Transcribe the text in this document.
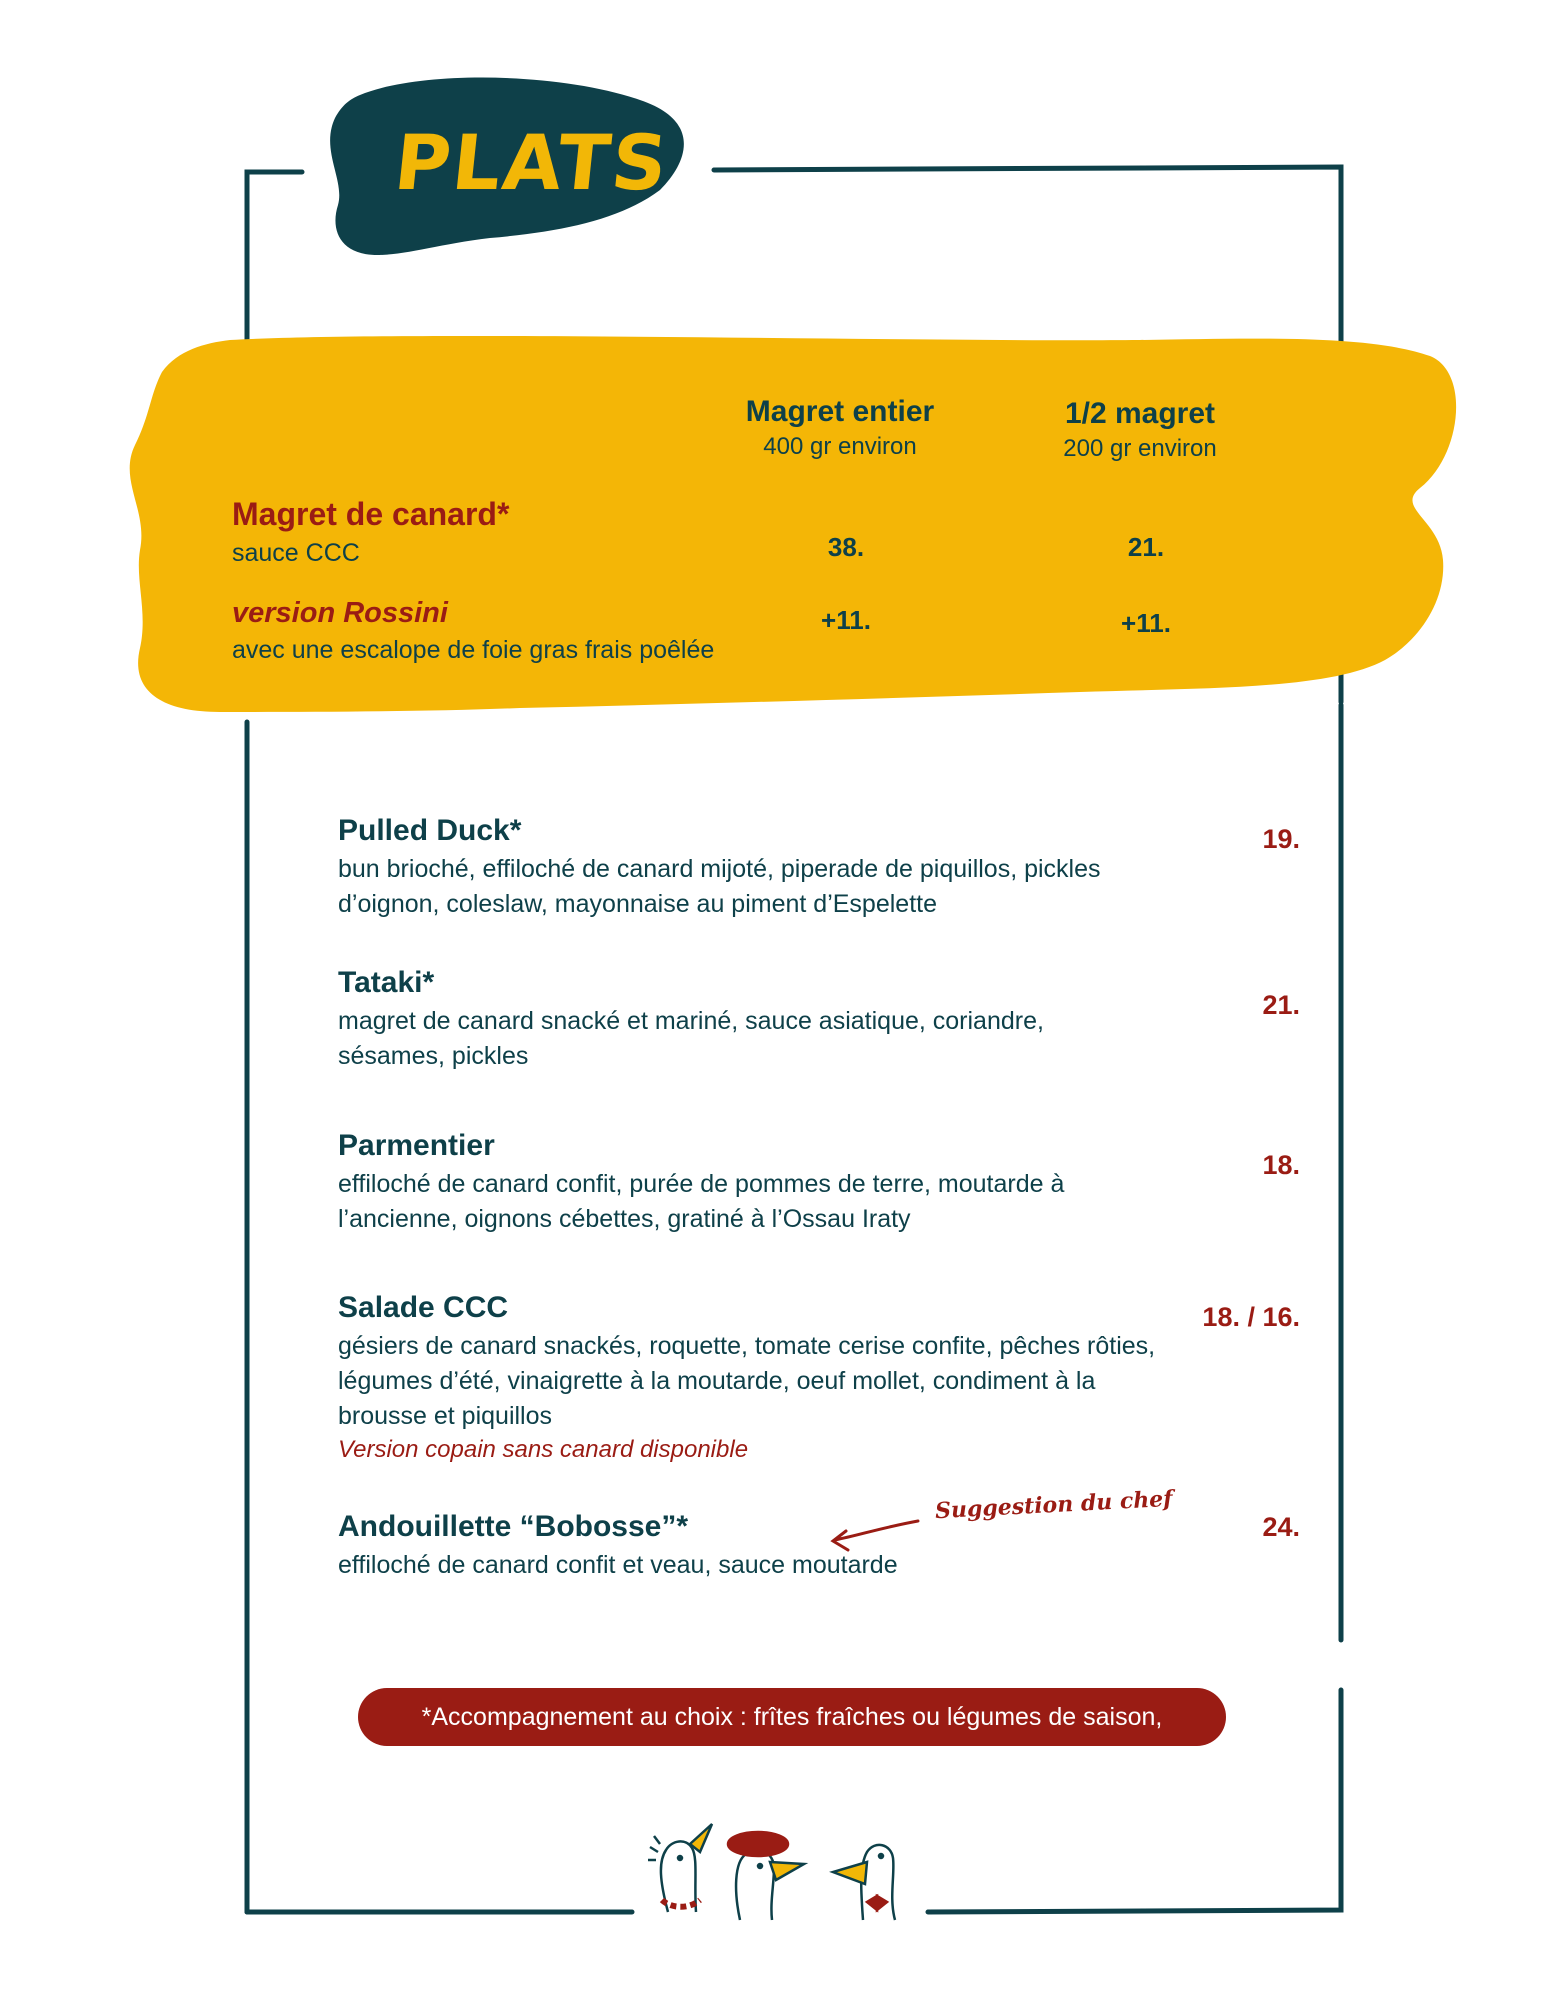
PLATS
Magret entier
400 gr environ
1/2 magret
200 gr environ
Magret de canard*
sauce CCC	38.	21.
version Rossini
avec une escalope de foie gras frais poêlée
+11.	+11.
Pulled Duck*
bun brioché, effiloché de canard mijoté, piperade de piquillos, pickles
d’oignon, coleslaw, mayonnaise au piment d’Espelette
19.
Tataki*
magret de canard snacké et mariné, sauce asiatique, coriandre,
sésames, pickles
21.
Parmentier
effiloché de canard confit, purée de pommes de terre, moutarde à
l’ancienne, oignons cébettes, gratiné à l’Ossau Iraty
18.
Salade CCC
gésiers de canard snackés, roquette, tomate cerise confite, pêches rôties,
légumes d’été, vinaigrette à la moutarde, oeuf mollet, condiment à la
brousse et piquillos
Version copain sans canard disponible
18. / 16.
Andouillette “Bobosse”*
effiloché de canard confit et veau, sauce moutarde
24.
Suggestion du chef
*Accompagnement au choix : frîtes fraîches ou légumes de saison,
